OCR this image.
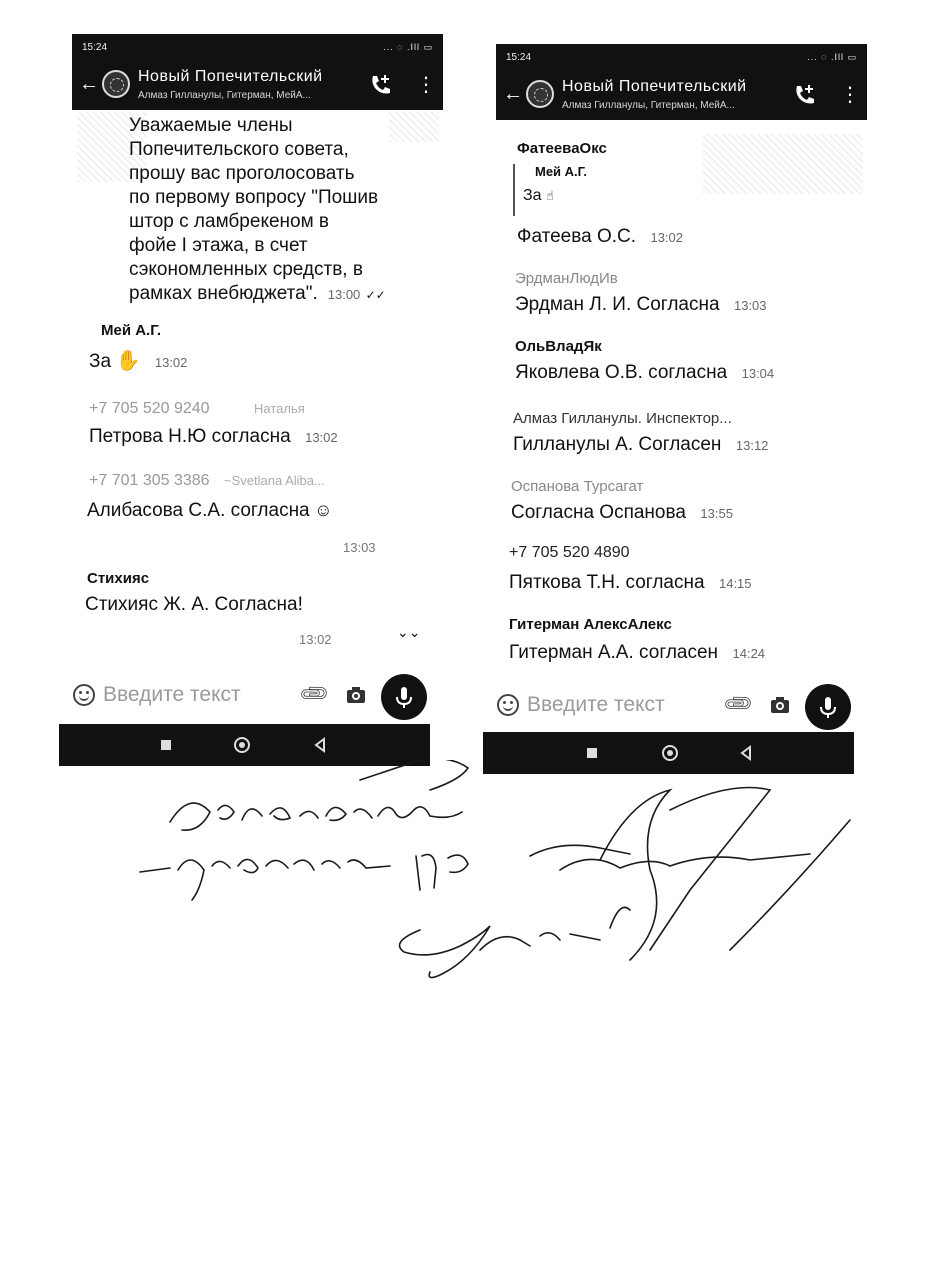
15:24	... ◌ .Ill ▭
← Новый Попечительский
Алмаз Гилланулы, Гитерман, МейА...	⋮
Уважаемые члены
Попечительского совета,
прошу вас проголосовать
по первому вопросу "Пошив
штор с ламбрекеном в
фойе I этажа, в счет
сэкономленных средств, в
рамках внебюджета". 13:00 ✓✓
Мей А.Г.
За ✋ 13:02
+7 705 520 9240	Наталья
Петрова Н.Ю согласна 13:02
+7 701 305 3386 ~Svetlana Aliba...
Алибасова С.А. согласна ☺
13:03
Стихияс
Стихияс Ж. А. Согласна!
13:02	⌄⌄
Введите текст
📎︎
15:24	... ◌ .Ill ▭
← Новый Попечительский
Алмаз Гилланулы, Гитерман, МейА...	⋮
ФатееваОкс
Мей А.Г.
За ☝
Фатеева О.С. 13:02
ЭрдманЛюдИв
Эрдман Л. И. Согласна 13:03
ОльВладЯк
Яковлева О.В. согласна 13:04
Алмаз Гилланулы. Инспектор...
Гилланулы А. Согласен 13:12
Оспанова Турсагат
Согласна Оспанова 13:55
+7 705 520 4890
Пяткова Т.Н. согласна 14:15
Гитерман АлексАлекс
Гитерман А.А. согласен 14:24
Введите текст
📎︎
